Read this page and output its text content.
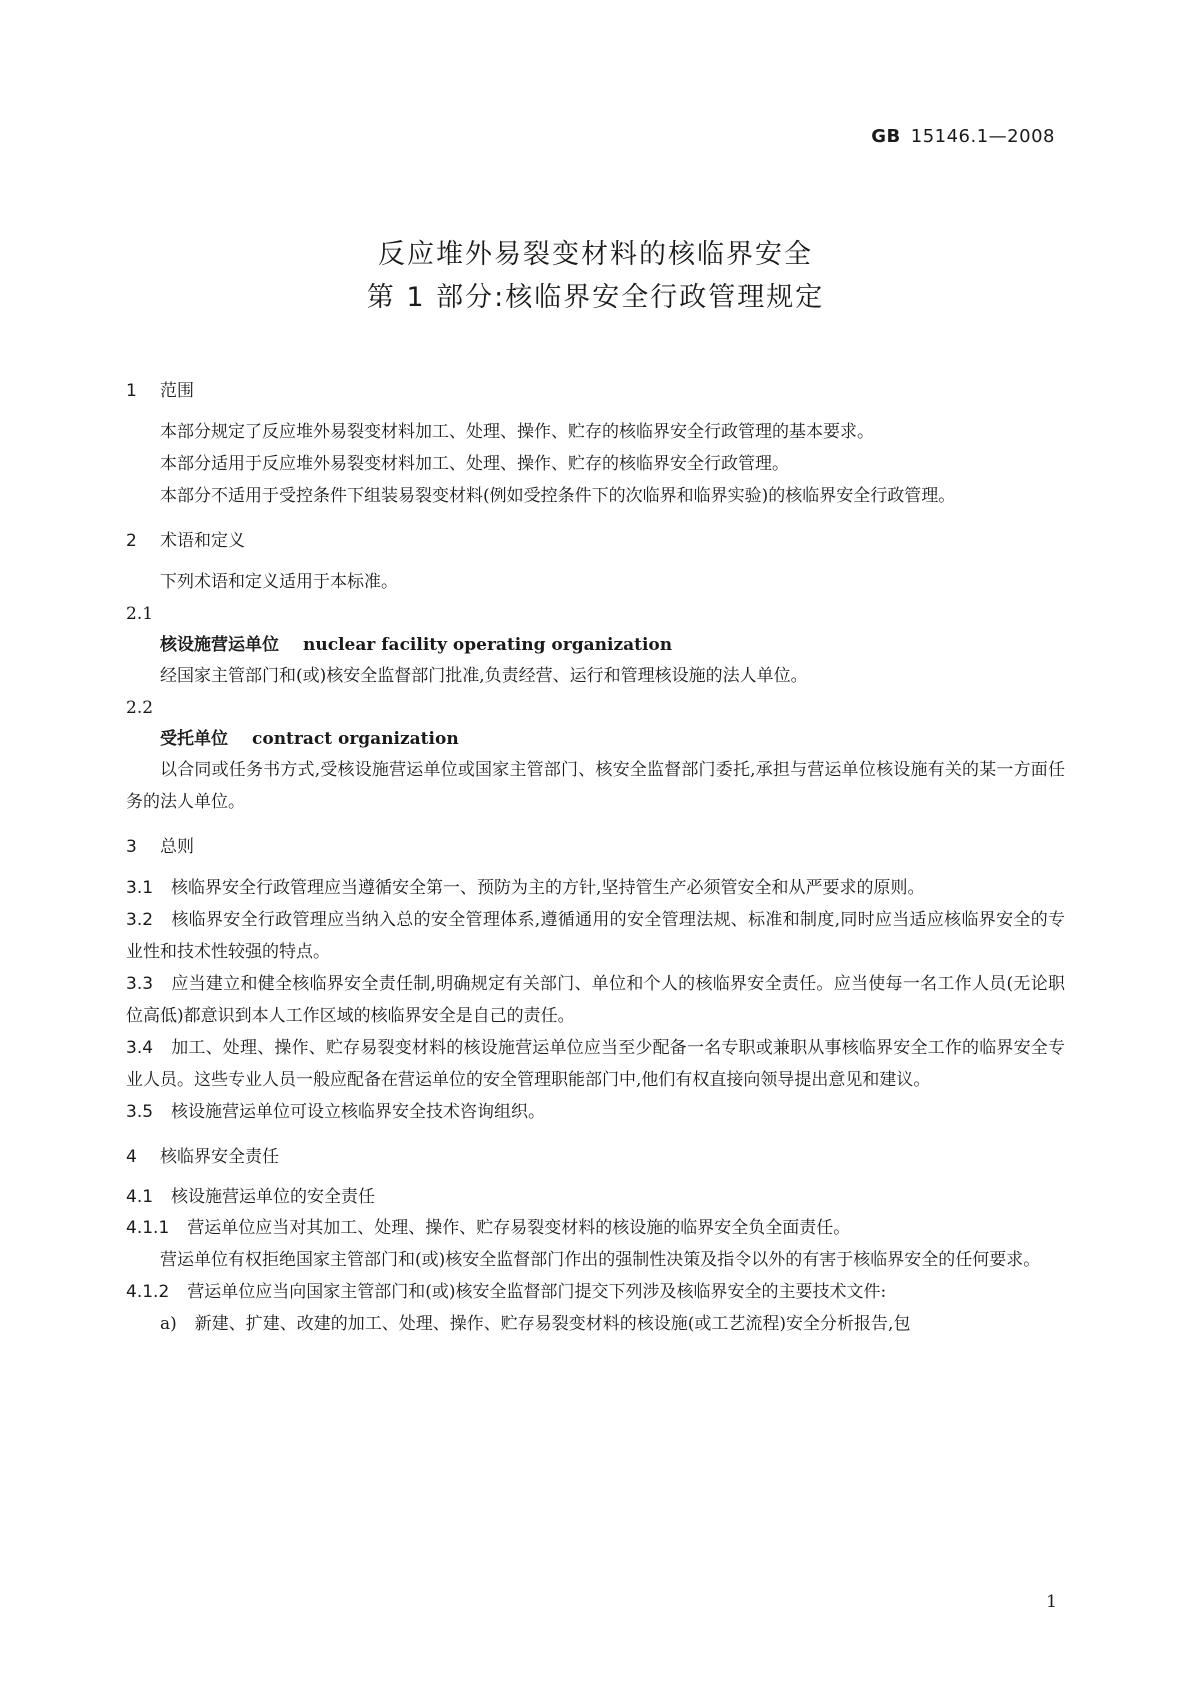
GB 15146.1—2008
反应堆外易裂变材料的核临界安全
第 1 部分:核临界安全行政管理规定
1 范围

本部分规定了反应堆外易裂变材料加工、处理、操作、贮存的核临界安全行政管理的基本要求。

本部分适用于反应堆外易裂变材料加工、处理、操作、贮存的核临界安全行政管理。

本部分不适用于受控条件下组装易裂变材料(例如受控条件下的次临界和临界实验)的核临界安全行政管理。

2 术语和定义

下列术语和定义适用于本标准。

2.1

核设施营运单位 nuclear facility operating organization

经国家主管部门和(或)核安全监督部门批准,负责经营、运行和管理核设施的法人单位。

2.2

受托单位 contract organization

以合同或任务书方式,受核设施营运单位或国家主管部门、核安全监督部门委托,承担与营运单位核设施有关的某一方面任务的法人单位。

3 总则

3.1 核临界安全行政管理应当遵循安全第一、预防为主的方针,坚持管生产必须管安全和从严要求的原则。

3.2 核临界安全行政管理应当纳入总的安全管理体系,遵循通用的安全管理法规、标准和制度,同时应当适应核临界安全的专业性和技术性较强的特点。

3.3 应当建立和健全核临界安全责任制,明确规定有关部门、单位和个人的核临界安全责任。应当使每一名工作人员(无论职位高低)都意识到本人工作区域的核临界安全是自己的责任。

3.4 加工、处理、操作、贮存易裂变材料的核设施营运单位应当至少配备一名专职或兼职从事核临界安全工作的临界安全专业人员。这些专业人员一般应配备在营运单位的安全管理职能部门中,他们有权直接向领导提出意见和建议。

3.5 核设施营运单位可设立核临界安全技术咨询组织。

4 核临界安全责任
4.1 核设施营运单位的安全责任

4.1.1 营运单位应当对其加工、处理、操作、贮存易裂变材料的核设施的临界安全负全面责任。

营运单位有权拒绝国家主管部门和(或)核安全监督部门作出的强制性决策及指令以外的有害于核临界安全的任何要求。

4.1.2 营运单位应当向国家主管部门和(或)核安全监督部门提交下列涉及核临界安全的主要技术文件:

a) 新建、扩建、改建的加工、处理、操作、贮存易裂变材料的核设施(或工艺流程)安全分析报告,包

1
